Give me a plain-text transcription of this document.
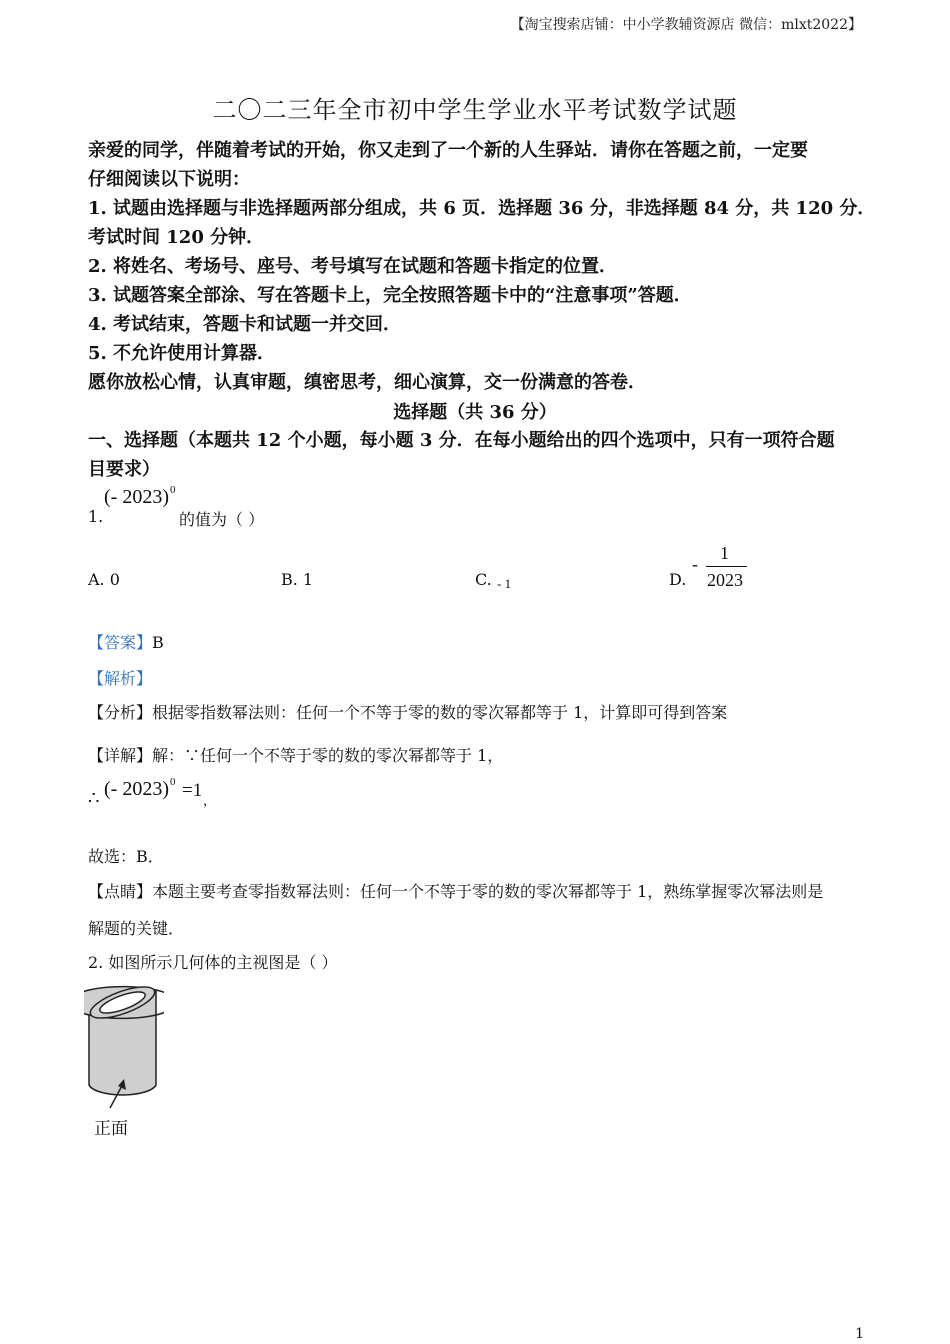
【淘宝搜索店铺：中小学教辅资源店 微信：mlxt2022】
二〇二三年全市初中学生学业水平考试数学试题
亲爱的同学，伴随着考试的开始，你又走到了一个新的人生驿站．请你在答题之前，一定要
仔细阅读以下说明：
1. 试题由选择题与非选择题两部分组成，共 6 页．选择题 36 分，非选择题 84 分，共 120 分．
考试时间 120 分钟．
2. 将姓名、考场号、座号、考号填写在试题和答题卡指定的位置．
3. 试题答案全部涂、写在答题卡上，完全按照答题卡中的“注意事项”答题．
4. 考试结束，答题卡和试题一并交回．
5. 不允许使用计算器．
愿你放松心情，认真审题，缜密思考，细心演算，交一份满意的答卷．
选择题（共 36 分）
一、选择题（本题共 12 个小题，每小题 3 分．在每小题给出的四个选项中，只有一项符合题
目要求）
1.
(- 2023) 0
的值为（ ）
A. 0	B. 1	C. - 1	D.
-
1
2023
【答案】B
【解析】
【分析】根据零指数幂法则：任何一个不等于零的数的零次幂都等于 1，计算即可得到答案
【详解】解：∵任何一个不等于零的数的零次幂都等于 1，
∴ (- 2023) 0 =1
，
故选：B．
【点睛】本题主要考查零指数幂法则：任何一个不等于零的数的零次幂都等于 1，熟练掌握零次幂法则是
解题的关键．
2. 如图所示几何体的主视图是（ ）
正面
1
